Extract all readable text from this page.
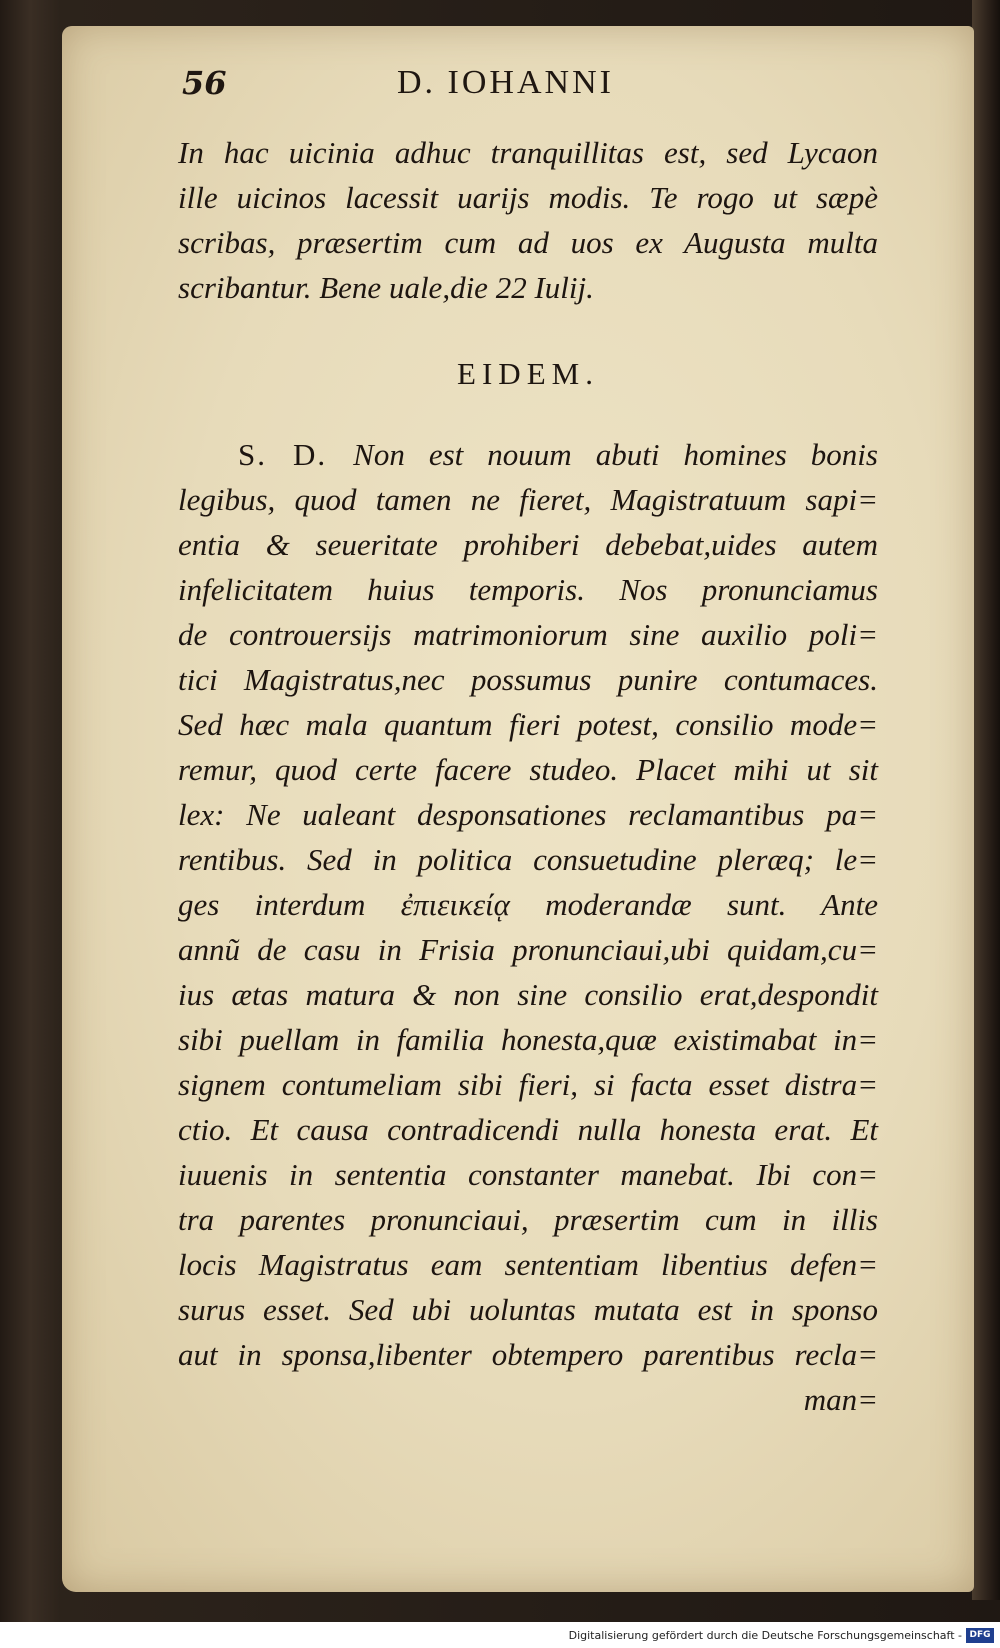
56	D. IOHANNI
In hac uicinia adhuc tranquillitas est, sed Lycaon
ille uicinos lacessit uarijs modis. Te rogo ut sæpè
scribas, præsertim cum ad uos ex Augusta multa
scribantur. Bene uale,die 22 Iulij.
EIDEM.
S. D. Non est nouum abuti homines bonis
legibus, quod tamen ne fieret, Magistratuum sapi=
entia & seueritate prohiberi debebat,uides autem
infelicitatem huius temporis. Nos pronunciamus
de controuersijs matrimoniorum sine auxilio poli=
tici Magistratus,nec possumus punire contumaces.
Sed hæc mala quantum fieri potest, consilio mode=
remur, quod certe facere studeo. Placet mihi ut sit
lex: Ne ualeant desponsationes reclamantibus pa=
rentibus. Sed in politica consuetudine pleræq; le=
ges interdum ἐπιεικείᾳ moderandæ sunt. Ante
annũ de casu in Frisia pronunciaui,ubi quidam,cu=
ius ætas matura & non sine consilio erat,despondit
sibi puellam in familia honesta,quæ existimabat in=
signem contumeliam sibi fieri, si facta esset distra=
ctio. Et causa contradicendi nulla honesta erat. Et
iuuenis in sententia constanter manebat. Ibi con=
tra parentes pronunciaui, præsertim cum in illis
locis Magistratus eam sententiam libentius defen=
surus esset. Sed ubi uoluntas mutata est in sponso
aut in sponsa,libenter obtempero parentibus recla=
man=
Digitalisierung gefördert durch die Deutsche Forschungsgemeinschaft - DFG
